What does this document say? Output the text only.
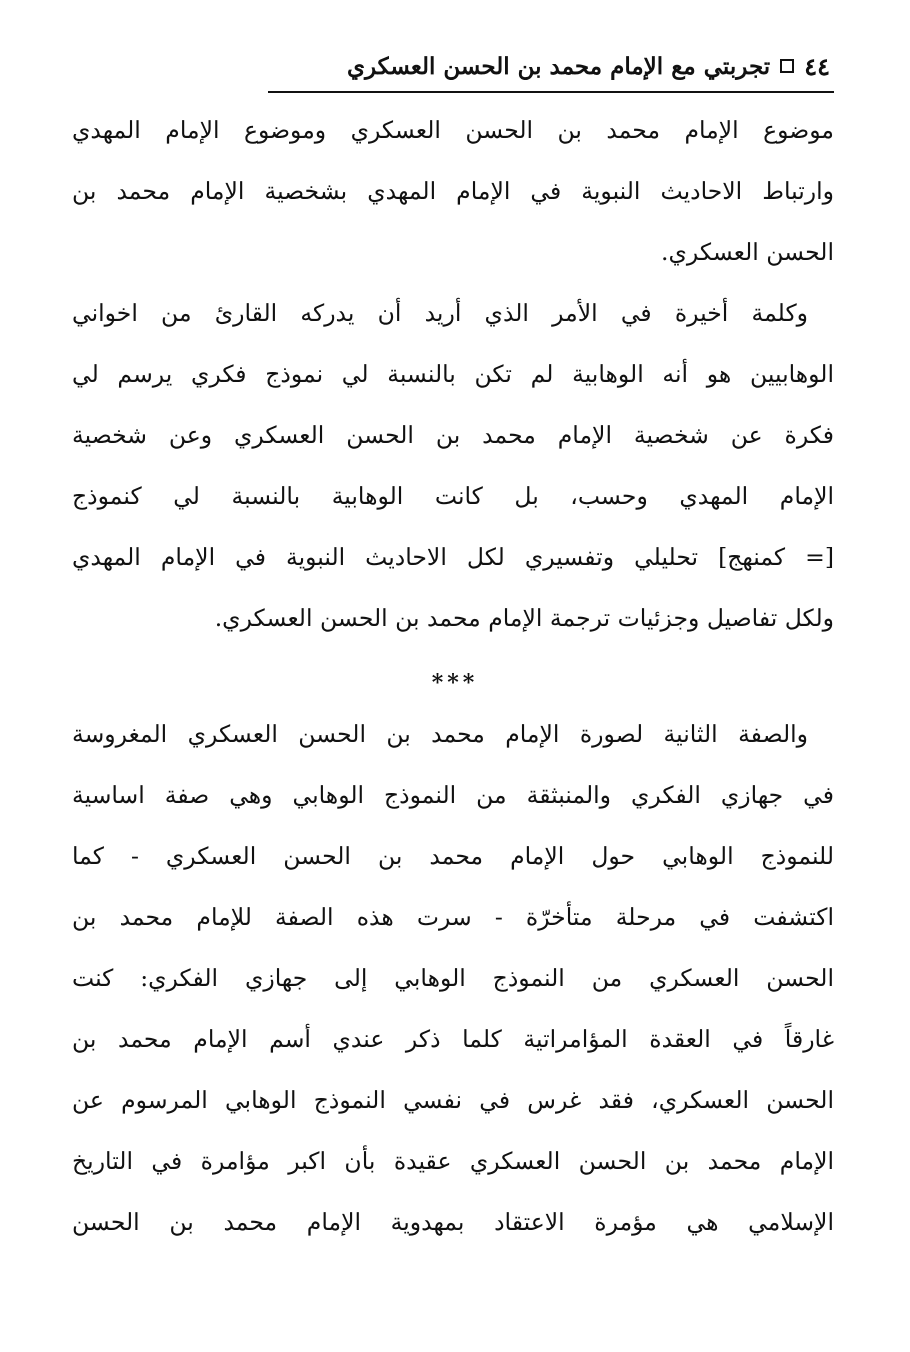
٤٤
تجربتي مع الإمام محمد بن الحسن العسكري
موضوع الإمام محمد بن الحسن العسكري وموضوع الإمام المهدي
وارتباط الاحاديث النبوية في الإمام المهدي بشخصية الإمام محمد بن
الحسن العسكري.
وكلمة أخيرة في الأمر الذي أريد أن يدركه القارئ من اخواني
الوهابيين هو أنه الوهابية لم تكن بالنسبة لي نموذج فكري يرسم لي
فكرة عن شخصية الإمام محمد بن الحسن العسكري وعن شخصية
الإمام المهدي وحسب، بل كانت الوهابية بالنسبة لي كنموذج
[= كمنهج] تحليلي وتفسيري لكل الاحاديث النبوية في الإمام المهدي
ولكل تفاصيل وجزئيات ترجمة الإمام محمد بن الحسن العسكري.
***
والصفة الثانية لصورة الإمام محمد بن الحسن العسكري المغروسة
في جهازي الفكري والمنبثقة من النموذج الوهابي وهي صفة اساسية
للنموذج الوهابي حول الإمام محمد بن الحسن العسكري - كما
اكتشفت في مرحلة متأخرّة - سرت هذه الصفة للإمام محمد بن
الحسن العسكري من النموذج الوهابي إلى جهازي الفكري: كنت
غارقاً في العقدة المؤامراتية كلما ذكر عندي أسم الإمام محمد بن
الحسن العسكري، فقد غرس في نفسي النموذج الوهابي المرسوم عن
الإمام محمد بن الحسن العسكري عقيدة بأن اكبر مؤامرة في التاريخ
الإسلامي هي مؤمرة الاعتقاد بمهدوية الإمام محمد بن الحسن
